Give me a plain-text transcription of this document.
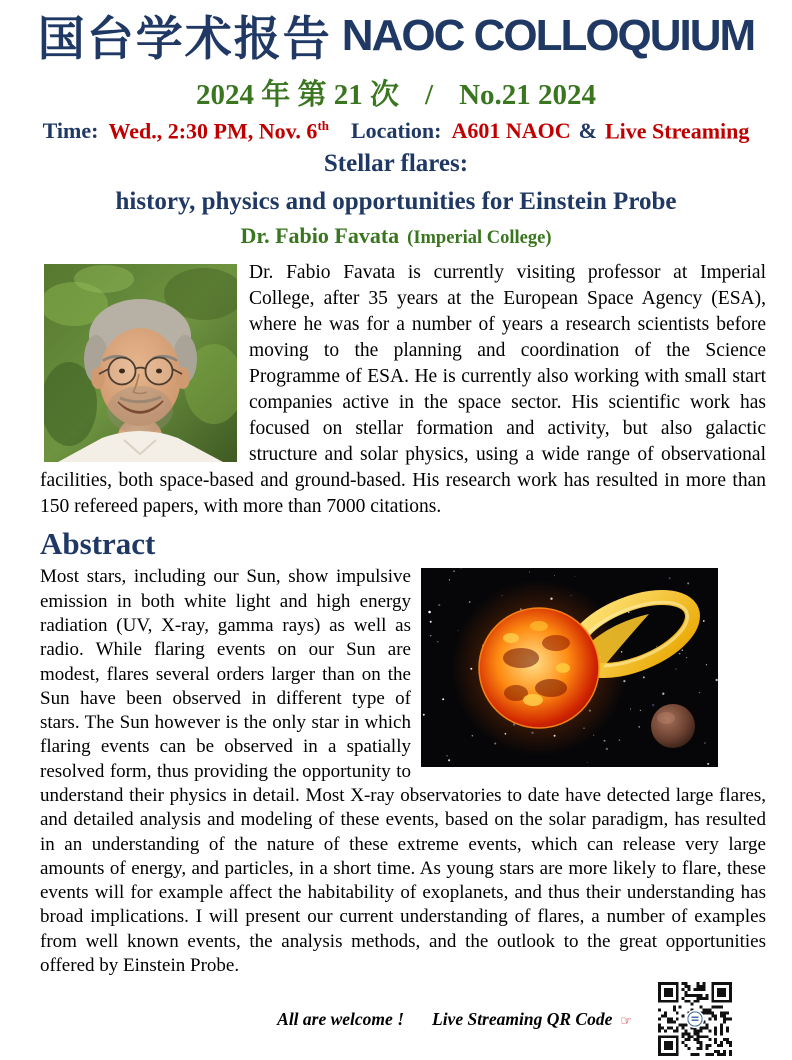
国台学术报告 NAOC COLLOQUIUM
2024 年 第 21 次 / No.21 2024
Time: Wed., 2:30 PM, Nov. 6th Location: A601 NAOC & Live Streaming
Stellar flares:
history, physics and opportunities for Einstein Probe
Dr. Fabio Favata (Imperial College)
Dr. Fabio Favata is currently visiting professor at Imperial College, after 35 years at the European Space Agency (ESA), where he was for a number of years a research scientists before moving to the planning and coordination of the Science Programme of ESA. He is currently also working with small start companies active in the space sector. His scientific work has focused on stellar formation and activity, but also galactic structure and solar physics, using a wide range of observational facilities, both space-based and ground-based. His research work has resulted in more than 150 refereed papers, with more than 7000 citations.
Abstract
Most stars, including our Sun, show impulsive emission in both white light and high energy radiation (UV, X-ray, gamma rays) as well as radio. While flaring events on our Sun are modest, flares several orders larger than on the Sun have been observed in different type of stars. The Sun however is the only star in which flaring events can be observed in a spatially resolved form, thus providing the opportunity to understand their physics in detail. Most X-ray observatories to date have detected large flares, and detailed analysis and modeling of these events, based on the solar paradigm, has resulted in an understanding of the nature of these extreme events, which can release very large amounts of energy, and particles, in a short time. As young stars are more likely to flare, these events will for example affect the habitability of exoplanets, and thus their understanding has broad implications. I will present our current understanding of flares, a number of examples from well known events, the analysis methods, and the outlook to the great opportunities offered by Einstein Probe.
All are welcome ! Live Streaming QR Code ☞
